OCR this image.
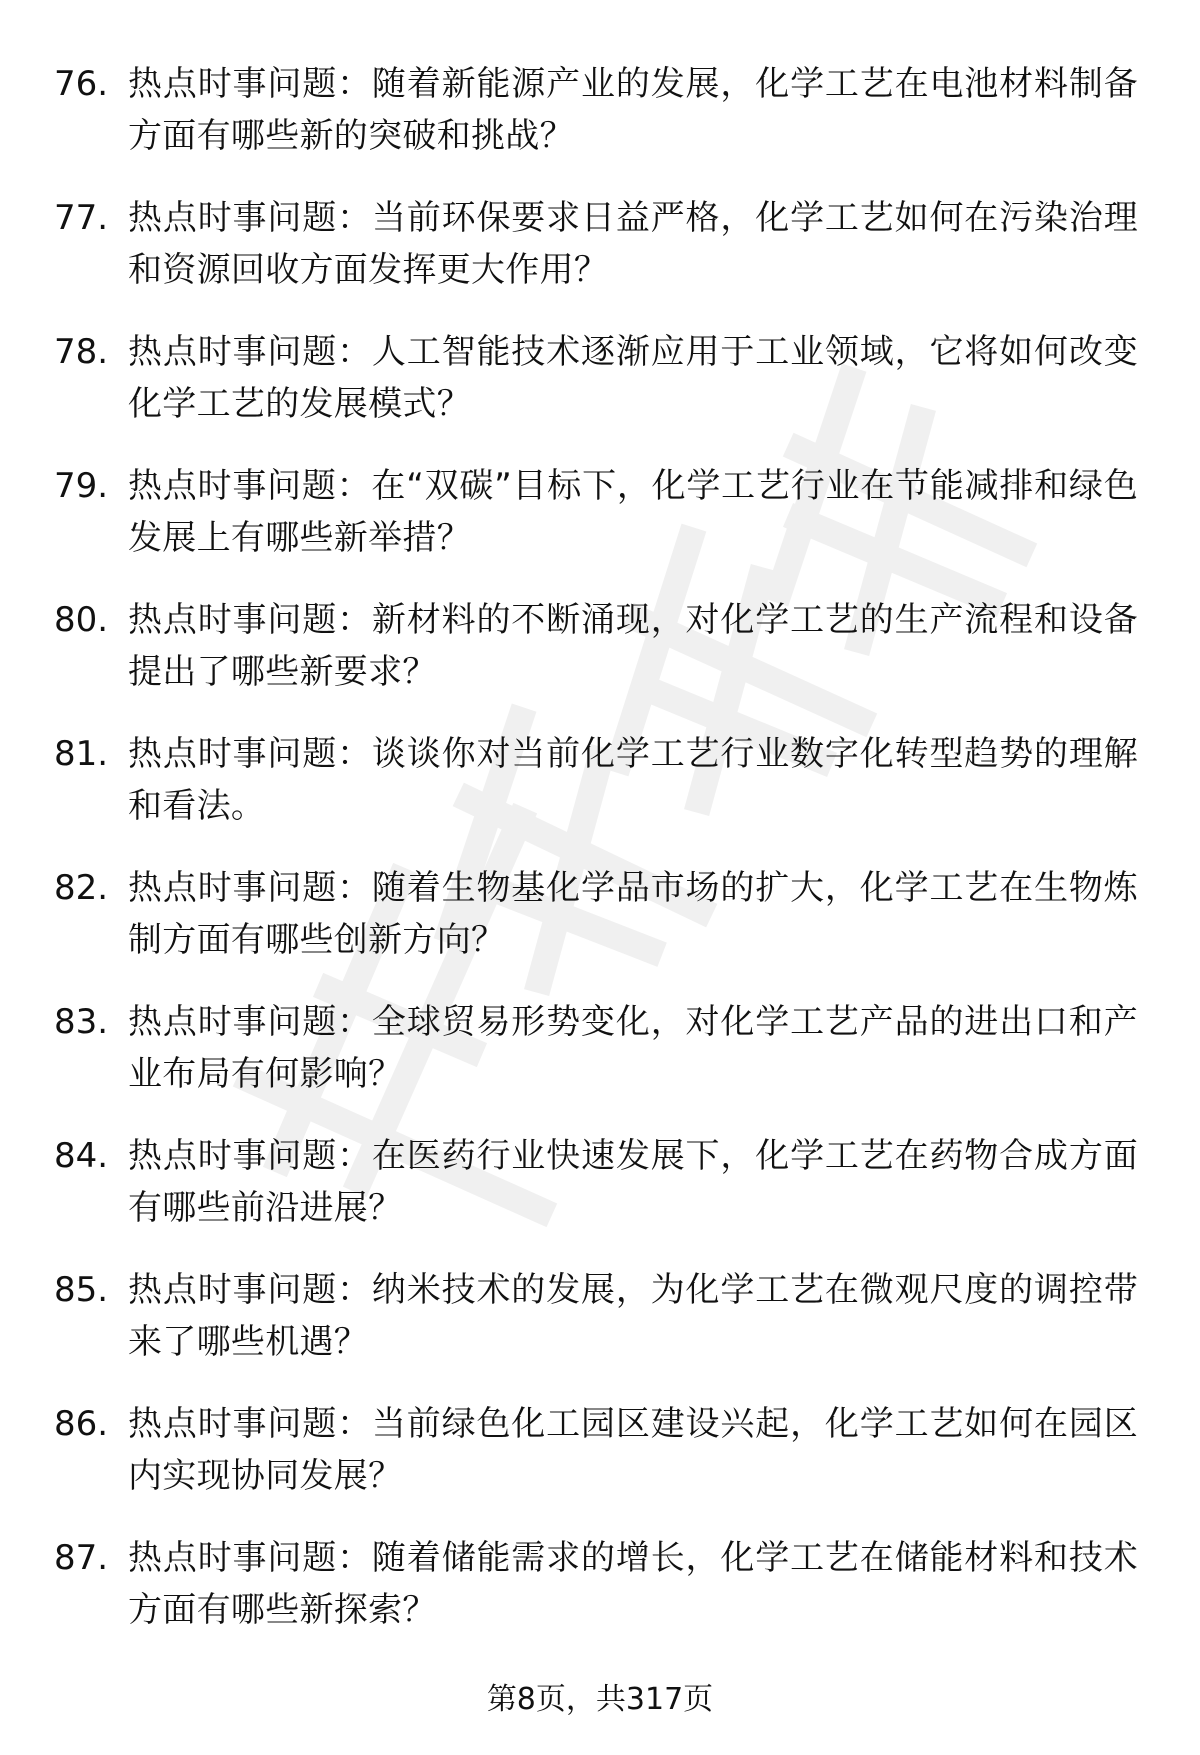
76. 热点时事问题：随着新能源产业的发展，化学工艺在电池材料制备方面有哪些新的突破和挑战？
77. 热点时事问题：当前环保要求日益严格，化学工艺如何在污染治理和资源回收方面发挥更大作用？
78. 热点时事问题：人工智能技术逐渐应用于工业领域，它将如何改变化学工艺的发展模式？
79. 热点时事问题：在“双碳”目标下，化学工艺行业在节能减排和绿色发展上有哪些新举措？
80. 热点时事问题：新材料的不断涌现，对化学工艺的生产流程和设备提出了哪些新要求？
81. 热点时事问题：谈谈你对当前化学工艺行业数字化转型趋势的理解和看法。
82. 热点时事问题：随着生物基化学品市场的扩大，化学工艺在生物炼制方面有哪些创新方向？
83. 热点时事问题：全球贸易形势变化，对化学工艺产品的进出口和产业布局有何影响？
84. 热点时事问题：在医药行业快速发展下，化学工艺在药物合成方面有哪些前沿进展？
85. 热点时事问题：纳米技术的发展，为化学工艺在微观尺度的调控带来了哪些机遇？
86. 热点时事问题：当前绿色化工园区建设兴起，化学工艺如何在园区内实现协同发展？
87. 热点时事问题：随着储能需求的增长，化学工艺在储能材料和技术方面有哪些新探索？
第8页，共317页
